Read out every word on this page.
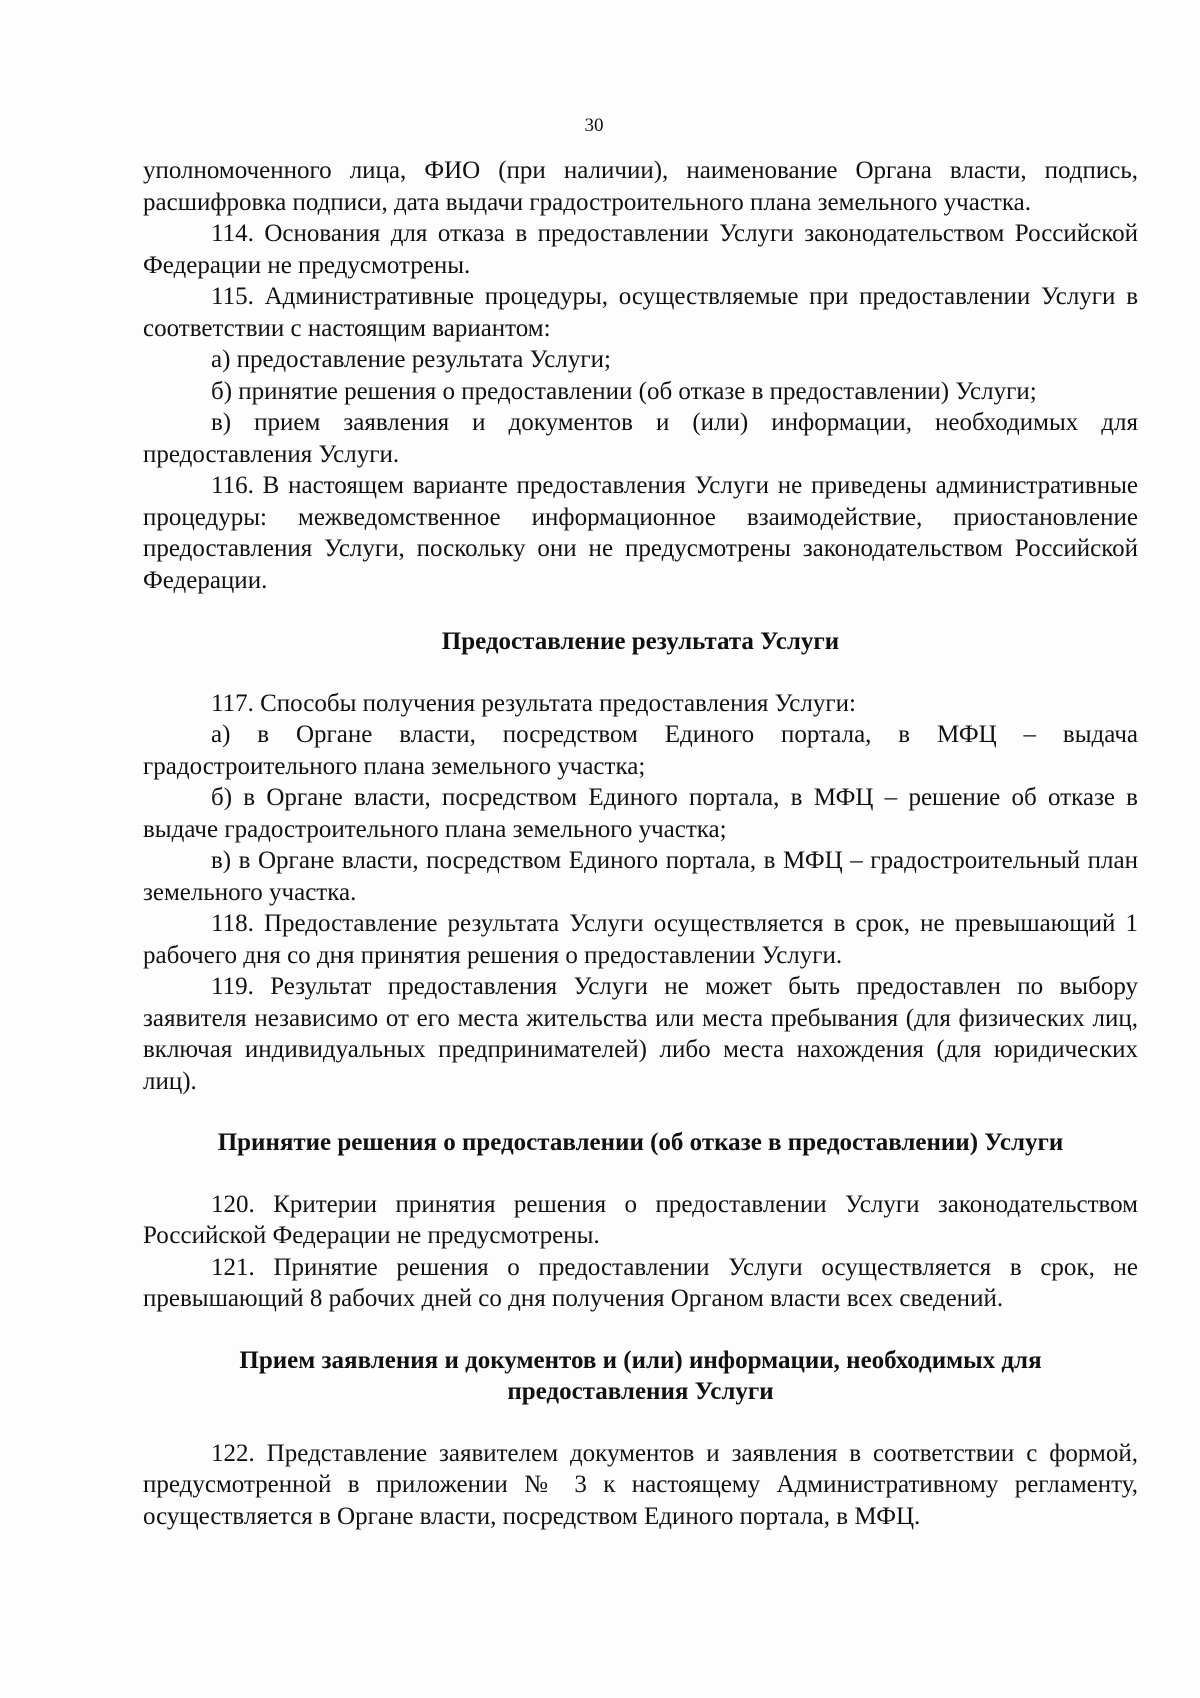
30

уполномоченного лица, ФИО (при наличии), наименование Органа власти, подпись, расшифровка подписи, дата выдачи градостроительного плана земельного участка.

114. Основания для отказа в предоставлении Услуги законодательством Российской Федерации не предусмотрены.

115. Административные процедуры, осуществляемые при предоставлении Услуги в соответствии с настоящим вариантом:

а) предоставление результата Услуги;

б) принятие решения о предоставлении (об отказе в предоставлении) Услуги;

в) прием заявления и документов и (или) информации, необходимых для предоставления Услуги.

116. В настоящем варианте предоставления Услуги не приведены административные процедуры: межведомственное информационное взаимодействие, приостановление предоставления Услуги, поскольку они не предусмотрены законодательством Российской Федерации.

Предоставление результата Услуги

117. Способы получения результата предоставления Услуги:

а) в Органе власти, посредством Единого портала, в МФЦ – выдача градостроительного плана земельного участка;

б) в Органе власти, посредством Единого портала, в МФЦ – решение об отказе в выдаче градостроительного плана земельного участка;

в) в Органе власти, посредством Единого портала, в МФЦ – градостроительный план земельного участка.

118. Предоставление результата Услуги осуществляется в срок, не превышающий 1 рабочего дня со дня принятия решения о предоставлении Услуги.

119. Результат предоставления Услуги не может быть предоставлен по выбору заявителя независимо от его места жительства или места пребывания (для физических лиц, включая индивидуальных предпринимателей) либо места нахождения (для юридических лиц).

Принятие решения о предоставлении (об отказе в предоставлении) Услуги

120. Критерии принятия решения о предоставлении Услуги законодательством Российской Федерации не предусмотрены.

121. Принятие решения о предоставлении Услуги осуществляется в срок, не превышающий 8 рабочих дней со дня получения Органом власти всех сведений.

Прием заявления и документов и (или) информации, необходимых для
предоставления Услуги

122. Представление заявителем документов и заявления в соответствии с формой, предусмотренной в приложении № 3 к настоящему Административному регламенту, осуществляется в Органе власти, посредством Единого портала, в МФЦ.
